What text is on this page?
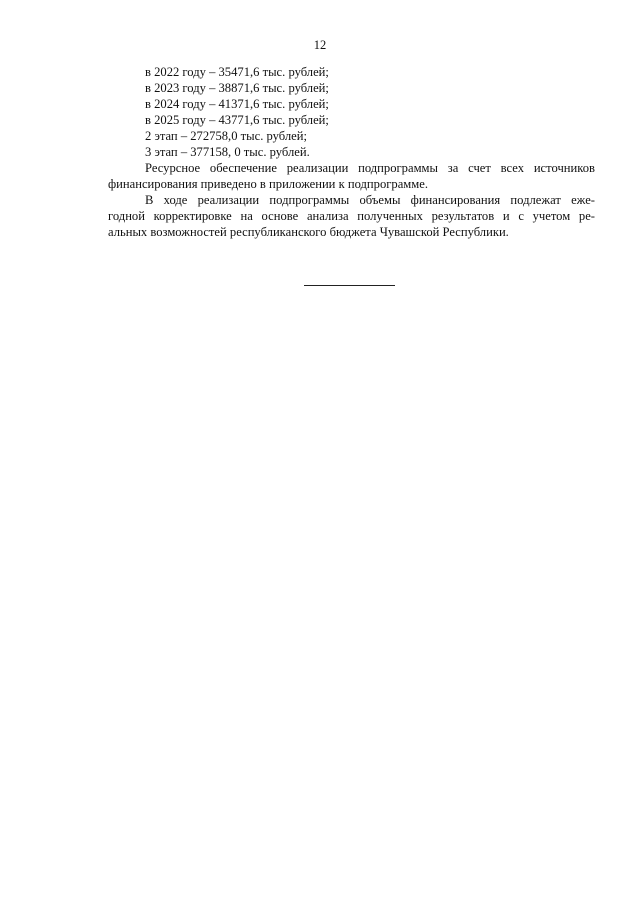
12
в 2022 году – 35471,6 тыс. рублей;
в 2023 году – 38871,6 тыс. рублей;
в 2024 году – 41371,6 тыс. рублей;
в 2025 году – 43771,6 тыс. рублей;
2 этап – 272758,0 тыс. рублей;
3 этап – 377158, 0 тыс. рублей.
Ресурсное обеспечение реализации подпрограммы за счет всех источников
финансирования приведено в приложении к подпрограмме.
В ходе реализации подпрограммы объемы финансирования подлежат еже-
годной корректировке на основе анализа полученных результатов и с учетом ре-
альных возможностей республиканского бюджета Чувашской Республики.
